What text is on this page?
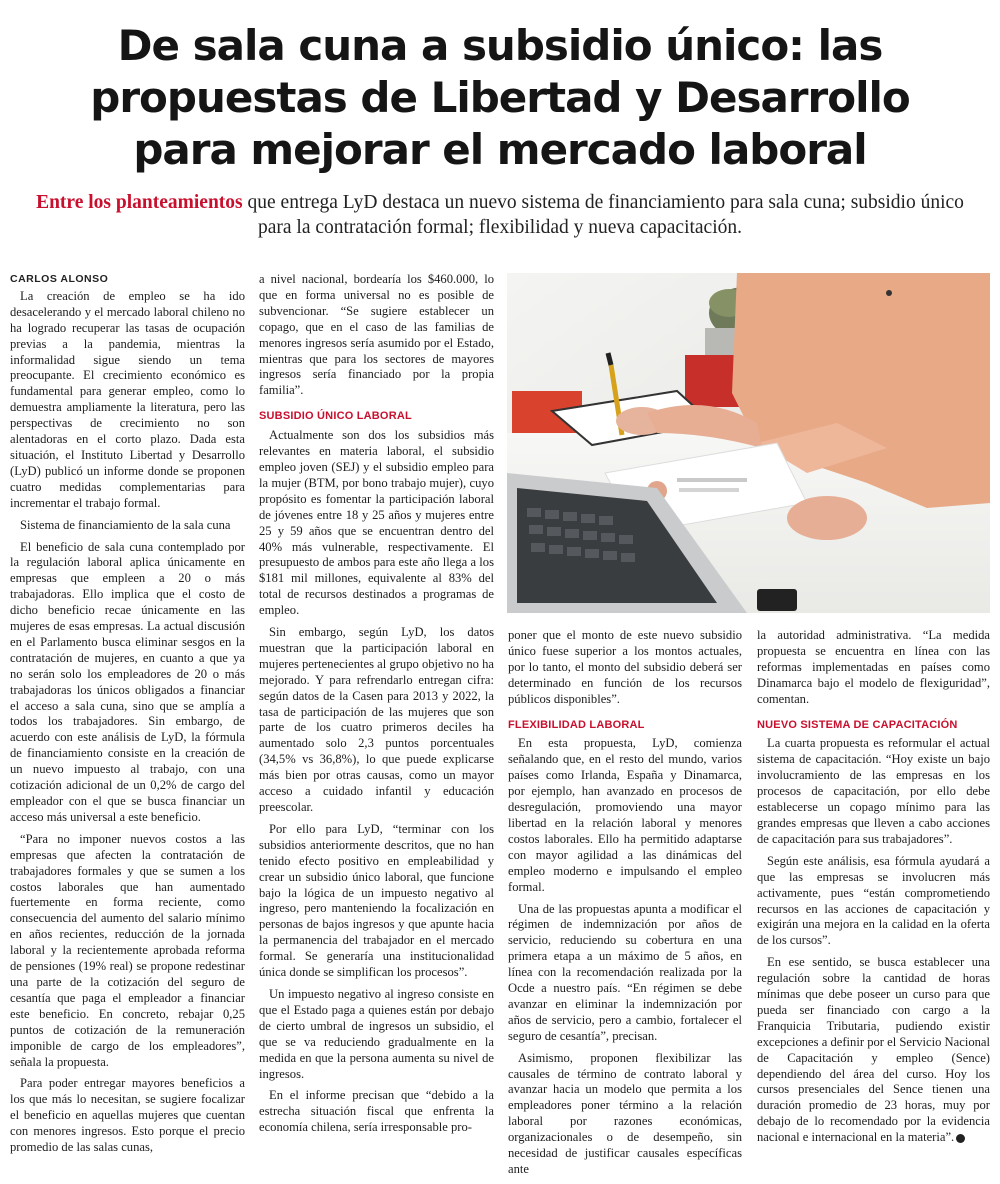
De sala cuna a subsidio único: las propuestas de Libertad y Desarrollo para mejorar el mercado laboral
Entre los planteamientos que entrega LyD destaca un nuevo sistema de financiamiento para sala cuna; subsidio único para la contratación formal; flexibilidad y nueva capacitación.
CARLOS ALONSO

La creación de empleo se ha ido desacelerando y el mercado laboral chileno no ha logrado recuperar las tasas de ocupación previas a la pandemia, mientras la informalidad sigue siendo un tema preocupante. El crecimiento económico es fundamental para generar empleo, como lo demuestra ampliamente la literatura, pero las perspectivas de crecimiento no son alentadoras en el corto plazo. Dada esta situación, el Instituto Libertad y Desarrollo (LyD) publicó un informe donde se proponen cuatro medidas complementarias para incrementar el trabajo formal.

Sistema de financiamiento de la sala cuna

El beneficio de sala cuna contemplado por la regulación laboral aplica únicamente en empresas que empleen a 20 o más trabajadoras. Ello implica que el costo de dicho beneficio recae únicamente en las mujeres de esas empresas. La actual discusión en el Parlamento busca eliminar sesgos en la contratación de mujeres, en cuanto a que ya no serán solo los empleadores de 20 o más trabajadoras los únicos obligados a financiar el acceso a sala cuna, sino que se amplía a todos los trabajadores. Sin embargo, de acuerdo con este análisis de LyD, la fórmula de financiamiento consiste en la creación de un nuevo impuesto al trabajo, con una cotización adicional de un 0,2% de cargo del empleador con el que se busca financiar un acceso más universal a este beneficio.

“Para no imponer nuevos costos a las empresas que afecten la contratación de trabajadores formales y que se sumen a los costos laborales que han aumentado fuertemente en forma reciente, como consecuencia del aumento del salario mínimo en años recientes, reducción de la jornada laboral y la recientemente aprobada reforma de pensiones (19% real) se propone redestinar una parte de la cotización del seguro de cesantía que paga el empleador a financiar este beneficio. En concreto, rebajar 0,25 puntos de cotización de la remuneración imponible de cargo de los empleadores”, señala la propuesta.

Para poder entregar mayores beneficios a los que más lo necesitan, se sugiere focalizar el beneficio en aquellas mujeres que cuentan con menores ingresos. Esto porque el precio promedio de las salas cunas,

a nivel nacional, bordearía los $460.000, lo que en forma universal no es posible de subvencionar. “Se sugiere establecer un copago, que en el caso de las familias de menores ingresos sería asumido por el Estado, mientras que para los sectores de mayores ingresos sería financiado por la propia familia”.

SUBSIDIO ÚNICO LABORAL

Actualmente son dos los subsidios más relevantes en materia laboral, el subsidio empleo joven (SEJ) y el subsidio empleo para la mujer (BTM, por bono trabajo mujer), cuyo propósito es fomentar la participación laboral de jóvenes entre 18 y 25 años y mujeres entre 25 y 59 años que se encuentran dentro del 40% más vulnerable, respectivamente. El presupuesto de ambos para este año llega a los $181 mil millones, equivalente al 83% del total de recursos destinados a programas de empleo.

Sin embargo, según LyD, los datos muestran que la participación laboral en mujeres pertenecientes al grupo objetivo no ha mejorado. Y para refrendarlo entregan cifra: según datos de la Casen para 2013 y 2022, la tasa de participación de las mujeres que son parte de los cuatro primeros deciles ha aumentado solo 2,3 puntos porcentuales (34,5% vs 36,8%), lo que puede explicarse más bien por otras causas, como un mayor acceso a cuidado infantil y educación preescolar.

Por ello para LyD, “terminar con los subsidios anteriormente descritos, que no han tenido efecto positivo en empleabilidad y crear un subsidio único laboral, que funcione bajo la lógica de un impuesto negativo al ingreso, pero manteniendo la focalización en personas de bajos ingresos y que apunte hacia la permanencia del trabajador en el mercado formal. Se generaría una institucionalidad única donde se simplifican los procesos”.

Un impuesto negativo al ingreso consiste en que el Estado paga a quienes están por debajo de cierto umbral de ingresos un subsidio, el que se va reduciendo gradualmente en la medida en que la persona aumenta su nivel de ingresos.

En el informe precisan que “debido a la estrecha situación fiscal que enfrenta la economía chilena, sería irresponsable pro-

poner que el monto de este nuevo subsidio único fuese superior a los montos actuales, por lo tanto, el monto del subsidio deberá ser determinado en función de los recursos públicos disponibles”.

FLEXIBILIDAD LABORAL

En esta propuesta, LyD, comienza señalando que, en el resto del mundo, varios países como Irlanda, España y Dinamarca, por ejemplo, han avanzado en procesos de desregulación, promoviendo una mayor libertad en la relación laboral y menores costos laborales. Ello ha permitido adaptarse con mayor agilidad a las dinámicas del empleo moderno e impulsando el empleo formal.

Una de las propuestas apunta a modificar el régimen de indemnización por años de servicio, reduciendo su cobertura en una primera etapa a un máximo de 5 años, en línea con la recomendación realizada por la Ocde a nuestro país. “En régimen se debe avanzar en eliminar la indemnización por años de servicio, pero a cambio, fortalecer el seguro de cesantía”, precisan.

Asimismo, proponen flexibilizar las causales de término de contrato laboral y avanzar hacia un modelo que permita a los empleadores poner término a la relación laboral por razones económicas, organizacionales o de desempeño, sin necesidad de justificar causales específicas ante

la autoridad administrativa. “La medida propuesta se encuentra en línea con las reformas implementadas en países como Dinamarca bajo el modelo de flexiguridad”, comentan.

NUEVO SISTEMA DE CAPACITACIÓN

La cuarta propuesta es reformular el actual sistema de capacitación. “Hoy existe un bajo involucramiento de las empresas en los procesos de capacitación, por ello debe establecerse un copago mínimo para las grandes empresas que lleven a cabo acciones de capacitación para sus trabajadores”.

Según este análisis, esa fórmula ayudará a que las empresas se involucren más activamente, pues “están comprometiendo recursos en las acciones de capacitación y exigirán una mejora en la calidad en la oferta de los cursos”.

En ese sentido, se busca establecer una regulación sobre la cantidad de horas mínimas que debe poseer un curso para que pueda ser financiado con cargo a la Franquicia Tributaria, pudiendo existir excepciones a definir por el Servicio Nacional de Capacitación y empleo (Sence) dependiendo del área del curso. Hoy los cursos presenciales del Sence tienen una duración promedio de 23 horas, muy por debajo de lo recomendado por la evidencia nacional e internacional en la materia”.
